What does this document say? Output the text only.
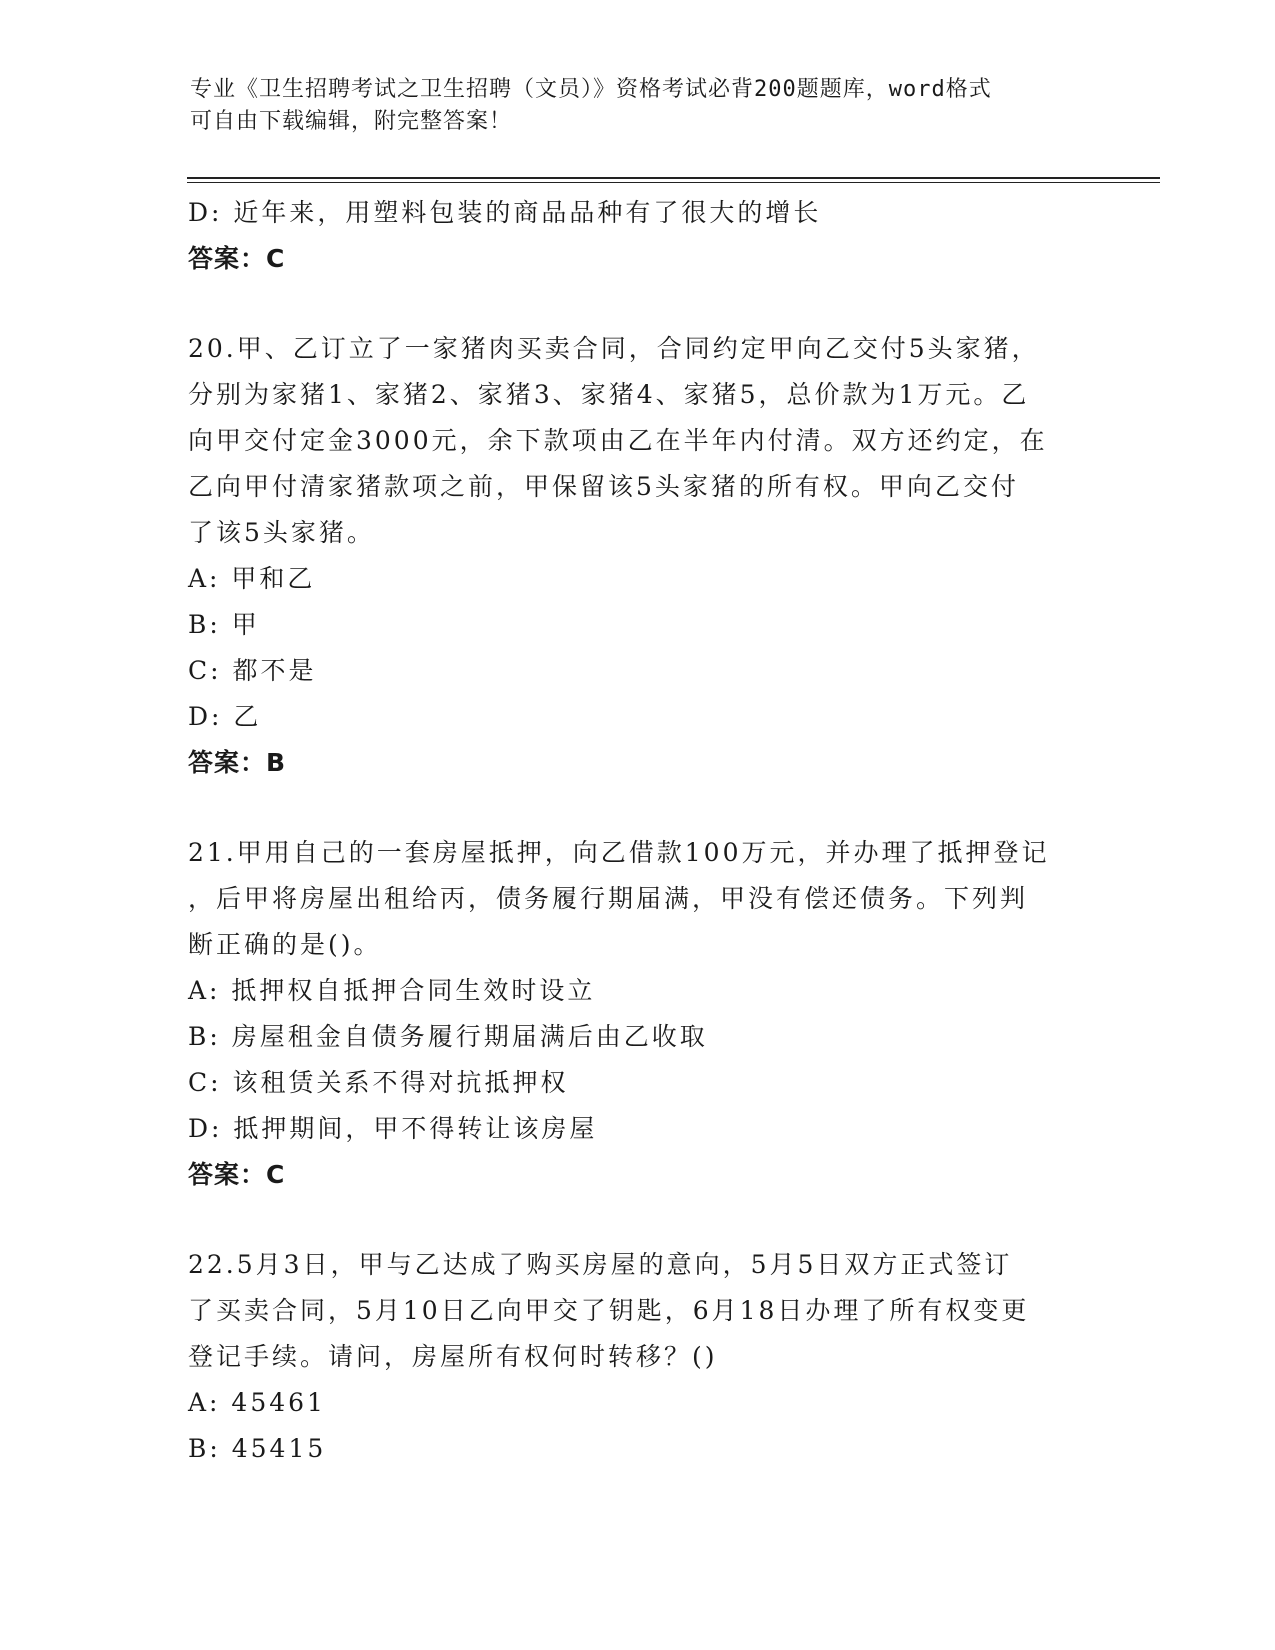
专业《卫生招聘考试之卫生招聘（文员）》资格考试必背200题题库，word格式
可自由下载编辑，附完整答案！
D: 近年来，用塑料包装的商品品种有了很大的增长
答案：C
20.甲、乙订立了一家猪肉买卖合同，合同约定甲向乙交付5头家猪，
分别为家猪1、家猪2、家猪3、家猪4、家猪5，总价款为1万元。乙
向甲交付定金3000元，余下款项由乙在半年内付清。双方还约定，在
乙向甲付清家猪款项之前，甲保留该5头家猪的所有权。甲向乙交付
了该5头家猪。
A: 甲和乙
B: 甲
C: 都不是
D: 乙
答案：B
21.甲用自己的一套房屋抵押，向乙借款100万元，并办理了抵押登记
，后甲将房屋出租给丙，债务履行期届满，甲没有偿还债务。下列判
断正确的是()。
A: 抵押权自抵押合同生效时设立
B: 房屋租金自债务履行期届满后由乙收取
C: 该租赁关系不得对抗抵押权
D: 抵押期间，甲不得转让该房屋
答案：C
22.5月3日，甲与乙达成了购买房屋的意向，5月5日双方正式签订
了买卖合同，5月10日乙向甲交了钥匙，6月18日办理了所有权变更
登记手续。请问，房屋所有权何时转移？()
A: 45461
B: 45415
